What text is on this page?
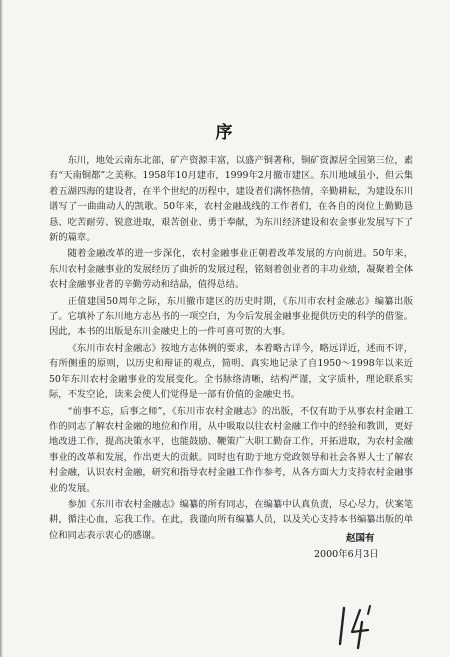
序

东川，地处云南东北部，矿产资源丰富，以盛产铜著称，铜矿资源居全国第三位，素有“天南铜都”之美称。1958年10月建市，1999年2月撤市建区。东川地域虽小，但云集着五湖四海的建设者，在半个世纪的历程中，建设者们满怀热情，辛勤耕耘，为建设东川谱写了一曲曲动人的凯歌。50年来，农村金融战线的工作者们，在各自的岗位上勤勤恳恳、吃苦耐劳、锐意进取，艰苦创业、勇于奉献，为东川经济建设和农金事业发展写下了新的篇章。

随着金融改革的进一步深化，农村金融事业正朝着改革发展的方向前进。50年来，东川农村金融事业的发展经历了曲折的发展过程，铭刻着创业者的丰功业绩，凝聚着全体农村金融事业者的辛勤劳动和结晶，值得总结。

正值建国50周年之际，东川撤市建区的历史时期，《东川市农村金融志》编纂出版了。它填补了东川地方志丛书的一项空白，为今后发展金融事业提供历史的科学的借鉴。因此，本书的出版是东川金融史上的一件可喜可贺的大事。

《东川市农村金融志》按地方志体例的要求，本着略古详今，略远详近，述而不评，有所侧重的原则，以历史和辩证的观点，简明、真实地记录了自1950～1998年以来近50年东川农村金融事业的发展变化。全书脉络清晰，结构严谨，文字质朴，理论联系实际，不发空论，读来会使人们觉得是一部有价值的金融史书。

“前事不忘，后事之师”，《东川市农村金融志》的出版，不仅有助于从事农村金融工作的同志了解农村金融的地位和作用，从中吸取以往农村金融工作中的经验和教训，更好地改进工作，提高决策水平，也能鼓励、鞭策广大职工勤奋工作，开拓进取，为农村金融事业的改革和发展，作出更大的贡献。同时也有助于地方党政领导和社会各界人士了解农村金融，认识农村金融，研究和指导农村金融工作作参考，从各方面大力支持农村金融事业的发展。

参加《东川市农村金融志》编纂的所有同志，在编纂中认真负责，尽心尽力，伏案笔耕，循注心血，忘我工作。在此，我谨向所有编纂人员，以及关心支持本书编纂出版的单位和同志表示衷心的感谢。	赵国有
2000年6月3日
